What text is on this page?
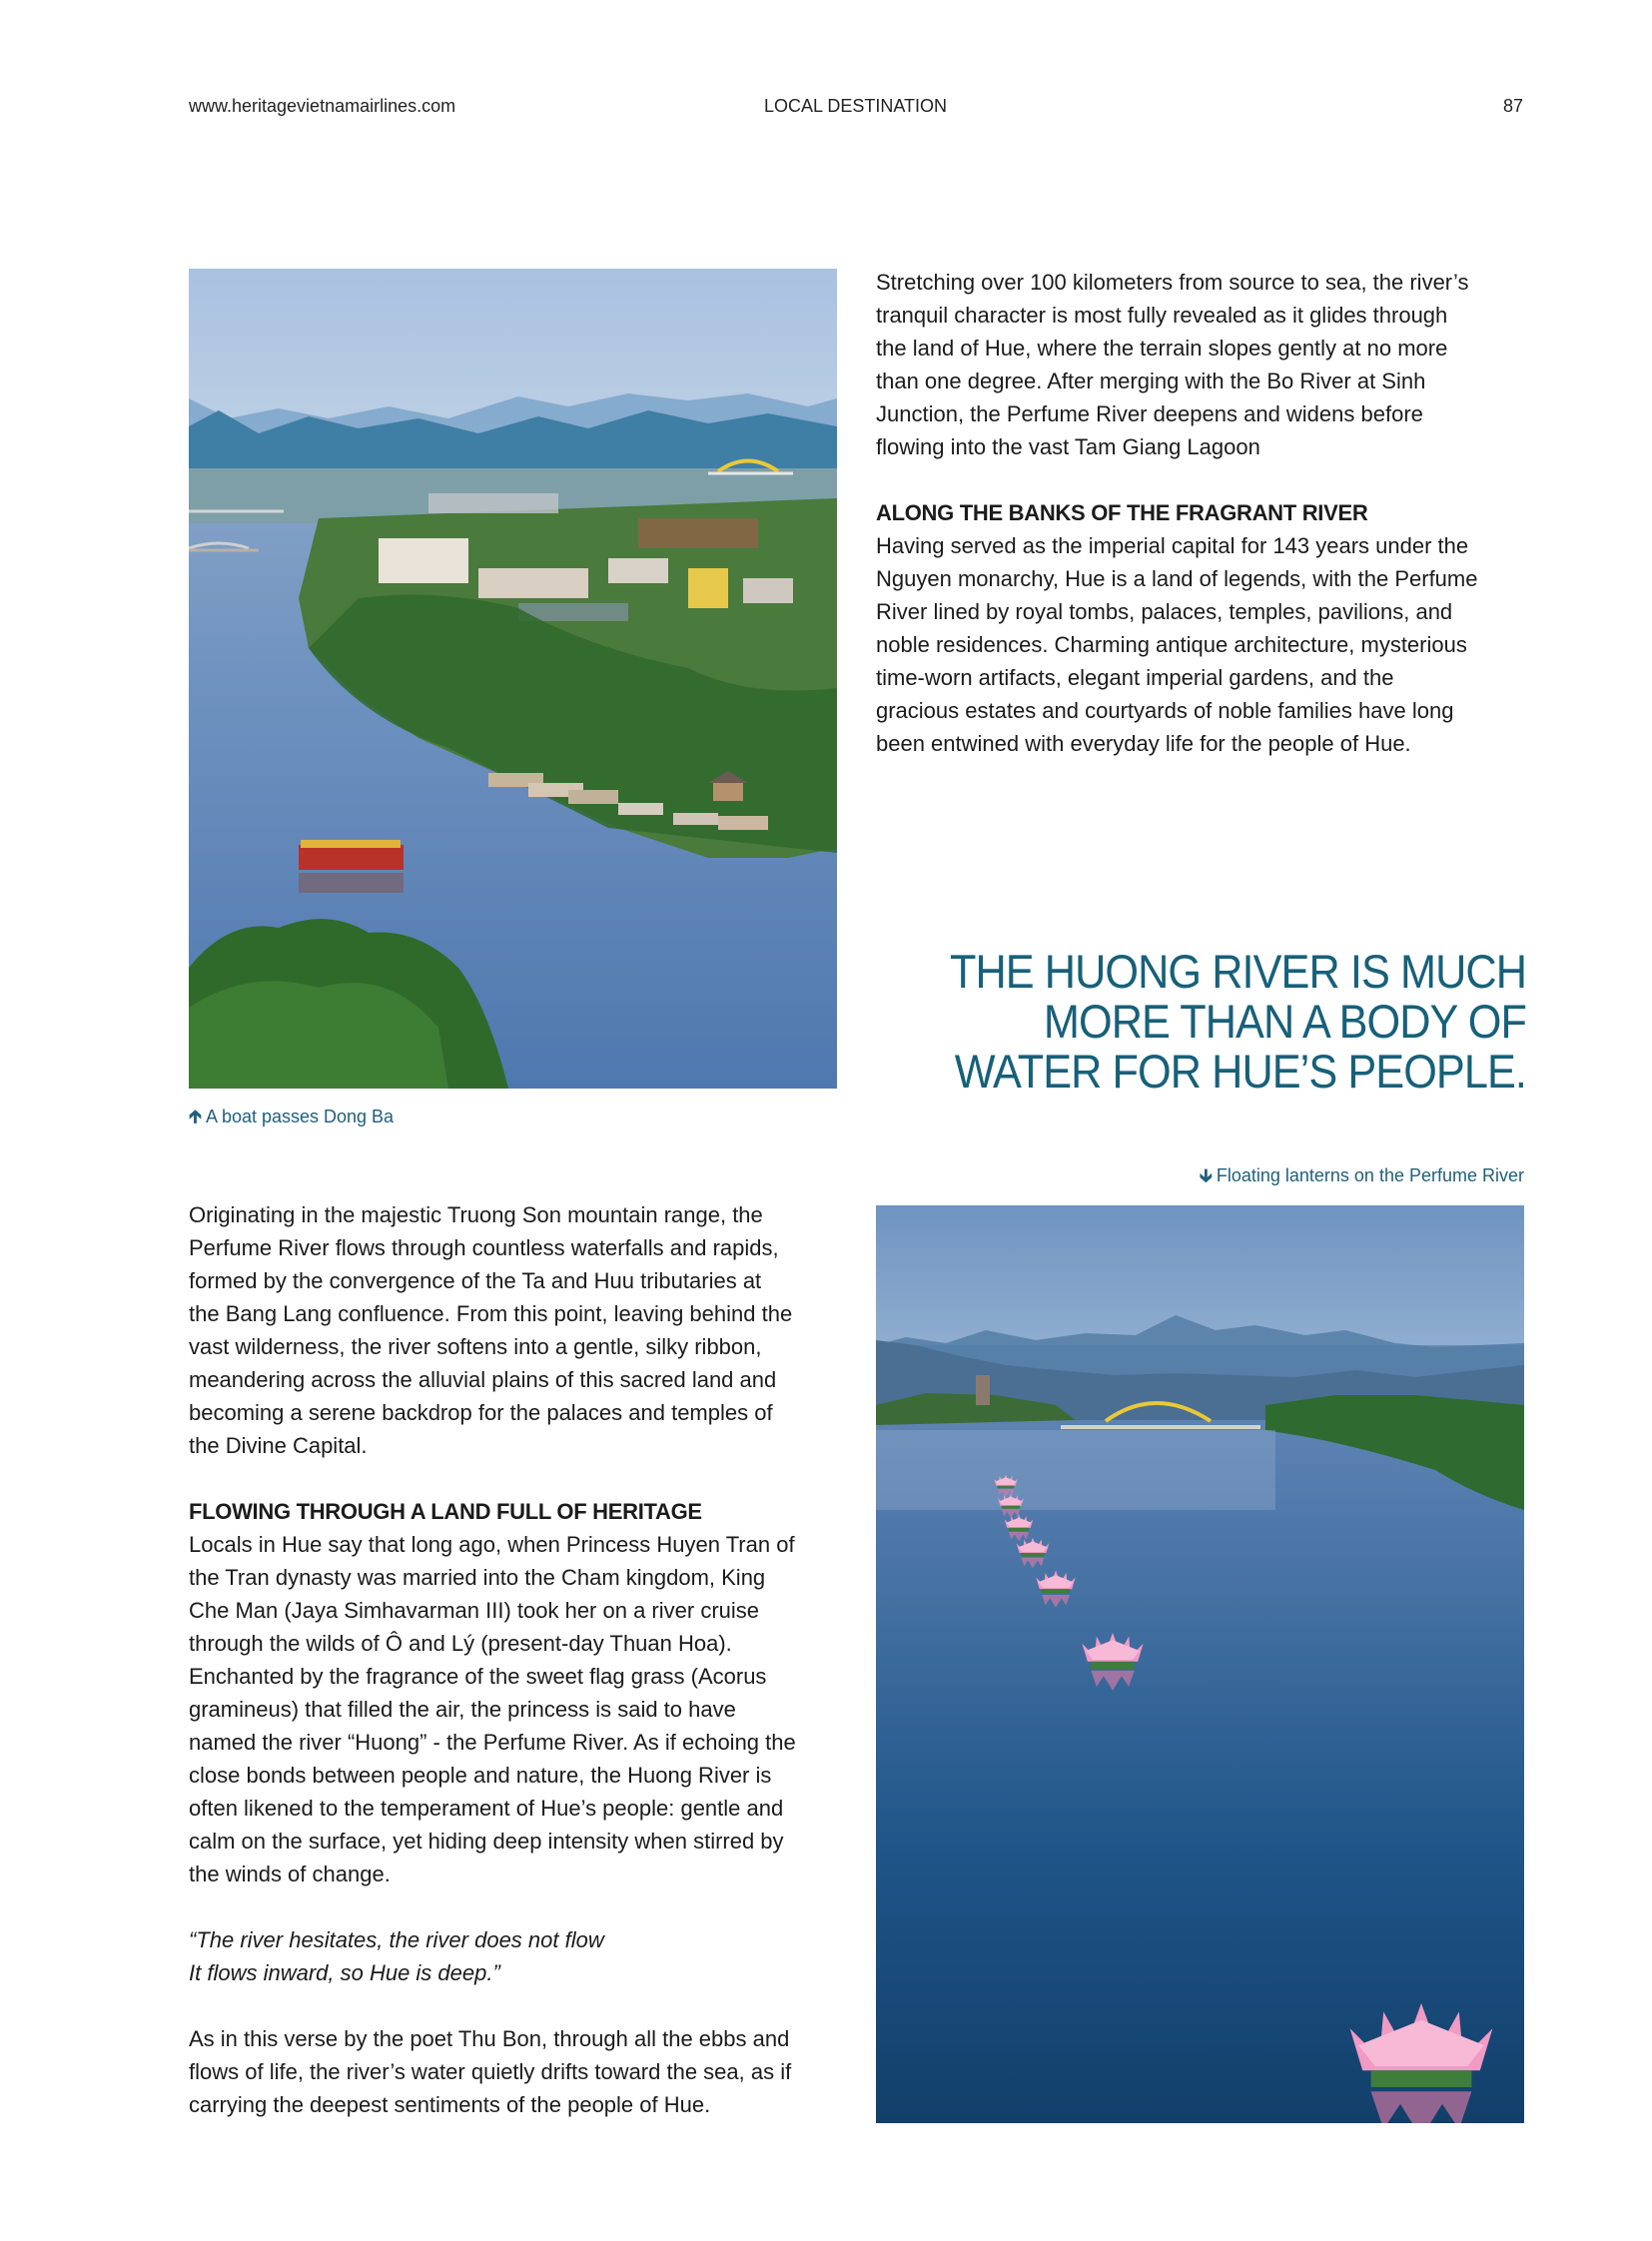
www.heritagevietnamairlines.com	LOCAL DESTINATION	87
🡱 A boat passes Dong Ba

Stretching over 100 kilometers from source to sea, the river’s
tranquil character is most fully revealed as it glides through
the land of Hue, where the terrain slopes gently at no more
than one degree. After merging with the Bo River at Sinh
Junction, the Perfume River deepens and widens before
flowing into the vast Tam Giang Lagoon

ALONG THE BANKS OF THE FRAGRANT RIVER

Having served as the imperial capital for 143 years under the
Nguyen monarchy, Hue is a land of legends, with the Perfume
River lined by royal tombs, palaces, temples, pavilions, and
noble residences. Charming antique architecture, mysterious
time-worn artifacts, elegant imperial gardens, and the
gracious estates and courtyards of noble families have long
been entwined with everyday life for the people of Hue.

THE HUONG RIVER IS MUCH
MORE THAN A BODY OF
WATER FOR HUE’S PEOPLE.
🡳 Floating lanterns on the Perfume River

Originating in the majestic Truong Son mountain range, the
Perfume River flows through countless waterfalls and rapids,
formed by the convergence of the Ta and Huu tributaries at
the Bang Lang confluence. From this point, leaving behind the
vast wilderness, the river softens into a gentle, silky ribbon,
meandering across the alluvial plains of this sacred land and
becoming a serene backdrop for the palaces and temples of
the Divine Capital.

FLOWING THROUGH A LAND FULL OF HERITAGE

Locals in Hue say that long ago, when Princess Huyen Tran of
the Tran dynasty was married into the Cham kingdom, King
Che Man (Jaya Simhavarman III) took her on a river cruise
through the wilds of Ô and Lý (present-day Thuan Hoa).
Enchanted by the fragrance of the sweet flag grass (Acorus
gramineus) that filled the air, the princess is said to have
named the river “Huong” - the Perfume River. As if echoing the
close bonds between people and nature, the Huong River is
often likened to the temperament of Hue’s people: gentle and
calm on the surface, yet hiding deep intensity when stirred by
the winds of change.

“The river hesitates, the river does not flow
It flows inward, so Hue is deep.”

As in this verse by the poet Thu Bon, through all the ebbs and
flows of life, the river’s water quietly drifts toward the sea, as if
carrying the deepest sentiments of the people of Hue.
